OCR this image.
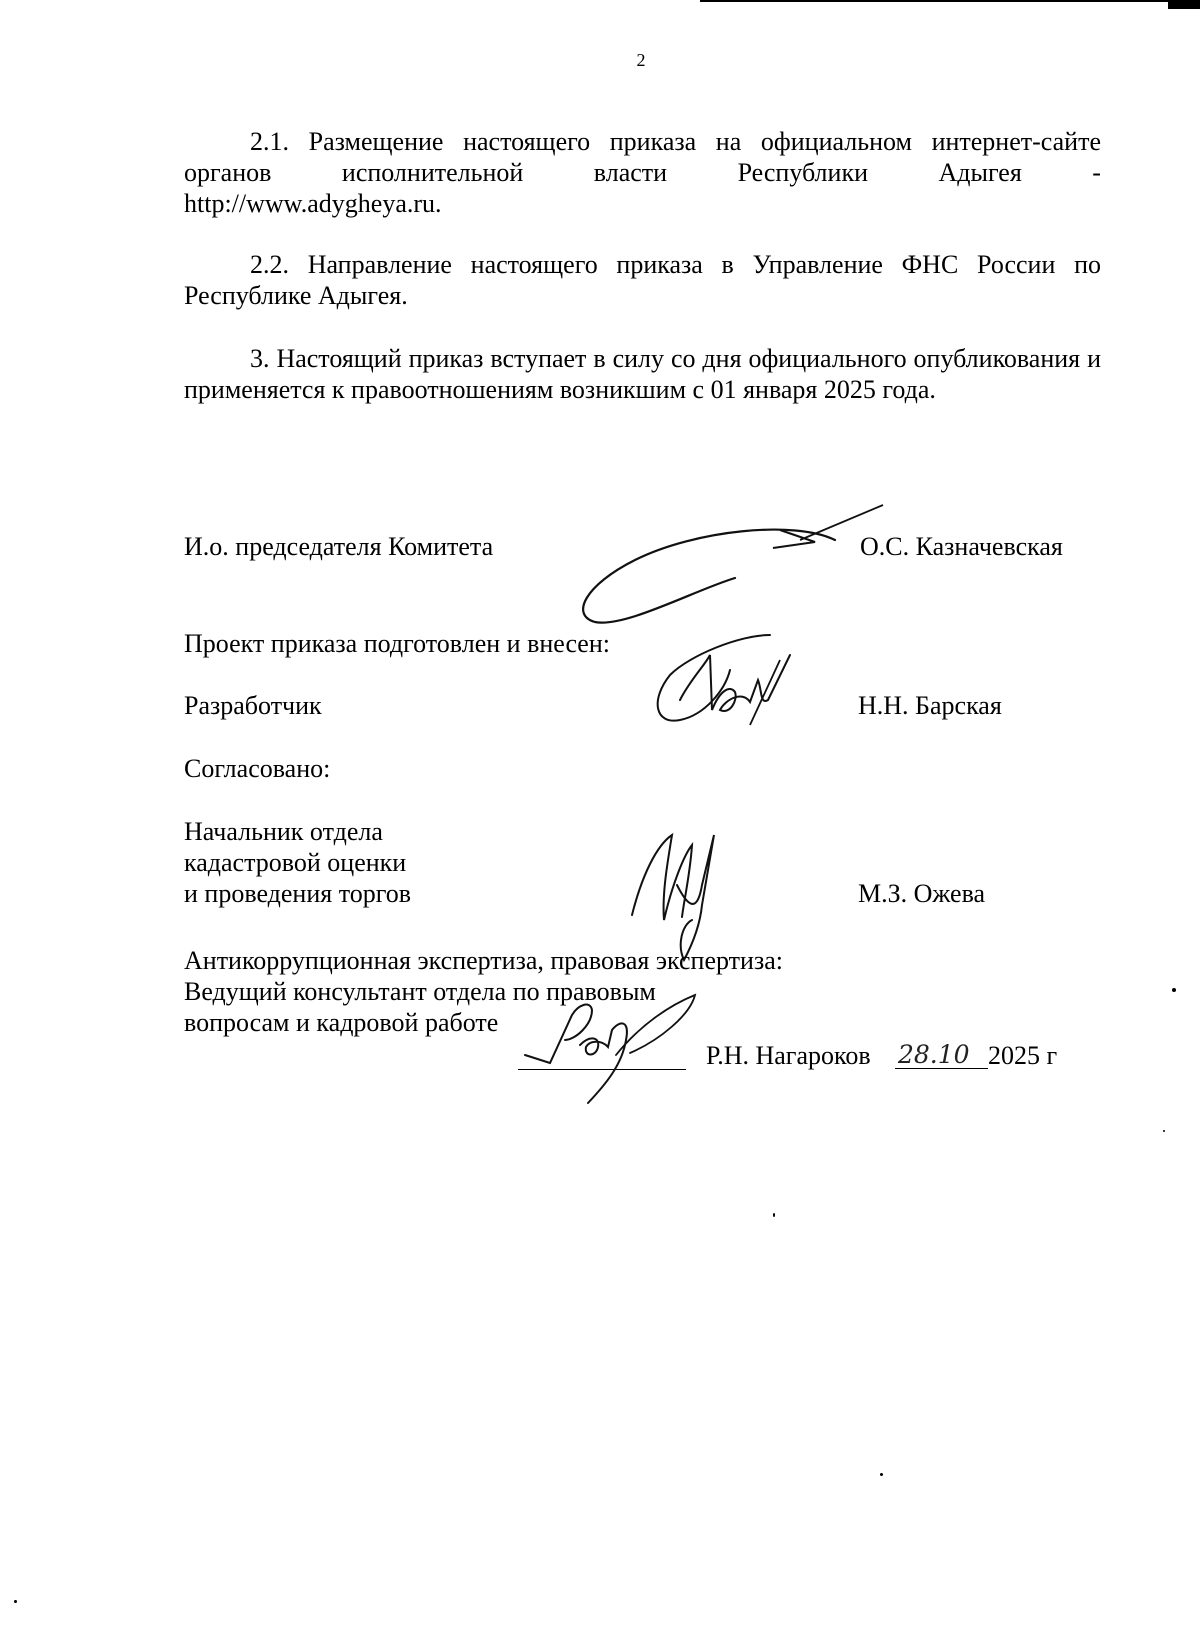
2

2.1. Размещение настоящего приказа на официальном интернет-сайте

органов	исполнительной	власти	Республики	Адыгея	-

http://www.adygheya.ru.

2.2. Направление настоящего приказа в Управление ФНС России по Республике Адыгея.

3. Настоящий приказ вступает в силу со дня официального опубликования и применяется к правоотношениям возникшим с 01 января 2025 года.

И.о. председателя Комитета	О.С. Казначевская

Проект приказа подготовлен и внесен:

Разработчик	Н.Н. Барская

Согласовано:

Начальник отдела

кадастровой оценки

и проведения торгов	М.З. Ожева

Антикоррупционная экспертиза, правовая экспертиза:

Ведущий консультант отдела по правовым

вопросам и кадровой работе

Р.Н. Нагароков 28.10 2025 г
